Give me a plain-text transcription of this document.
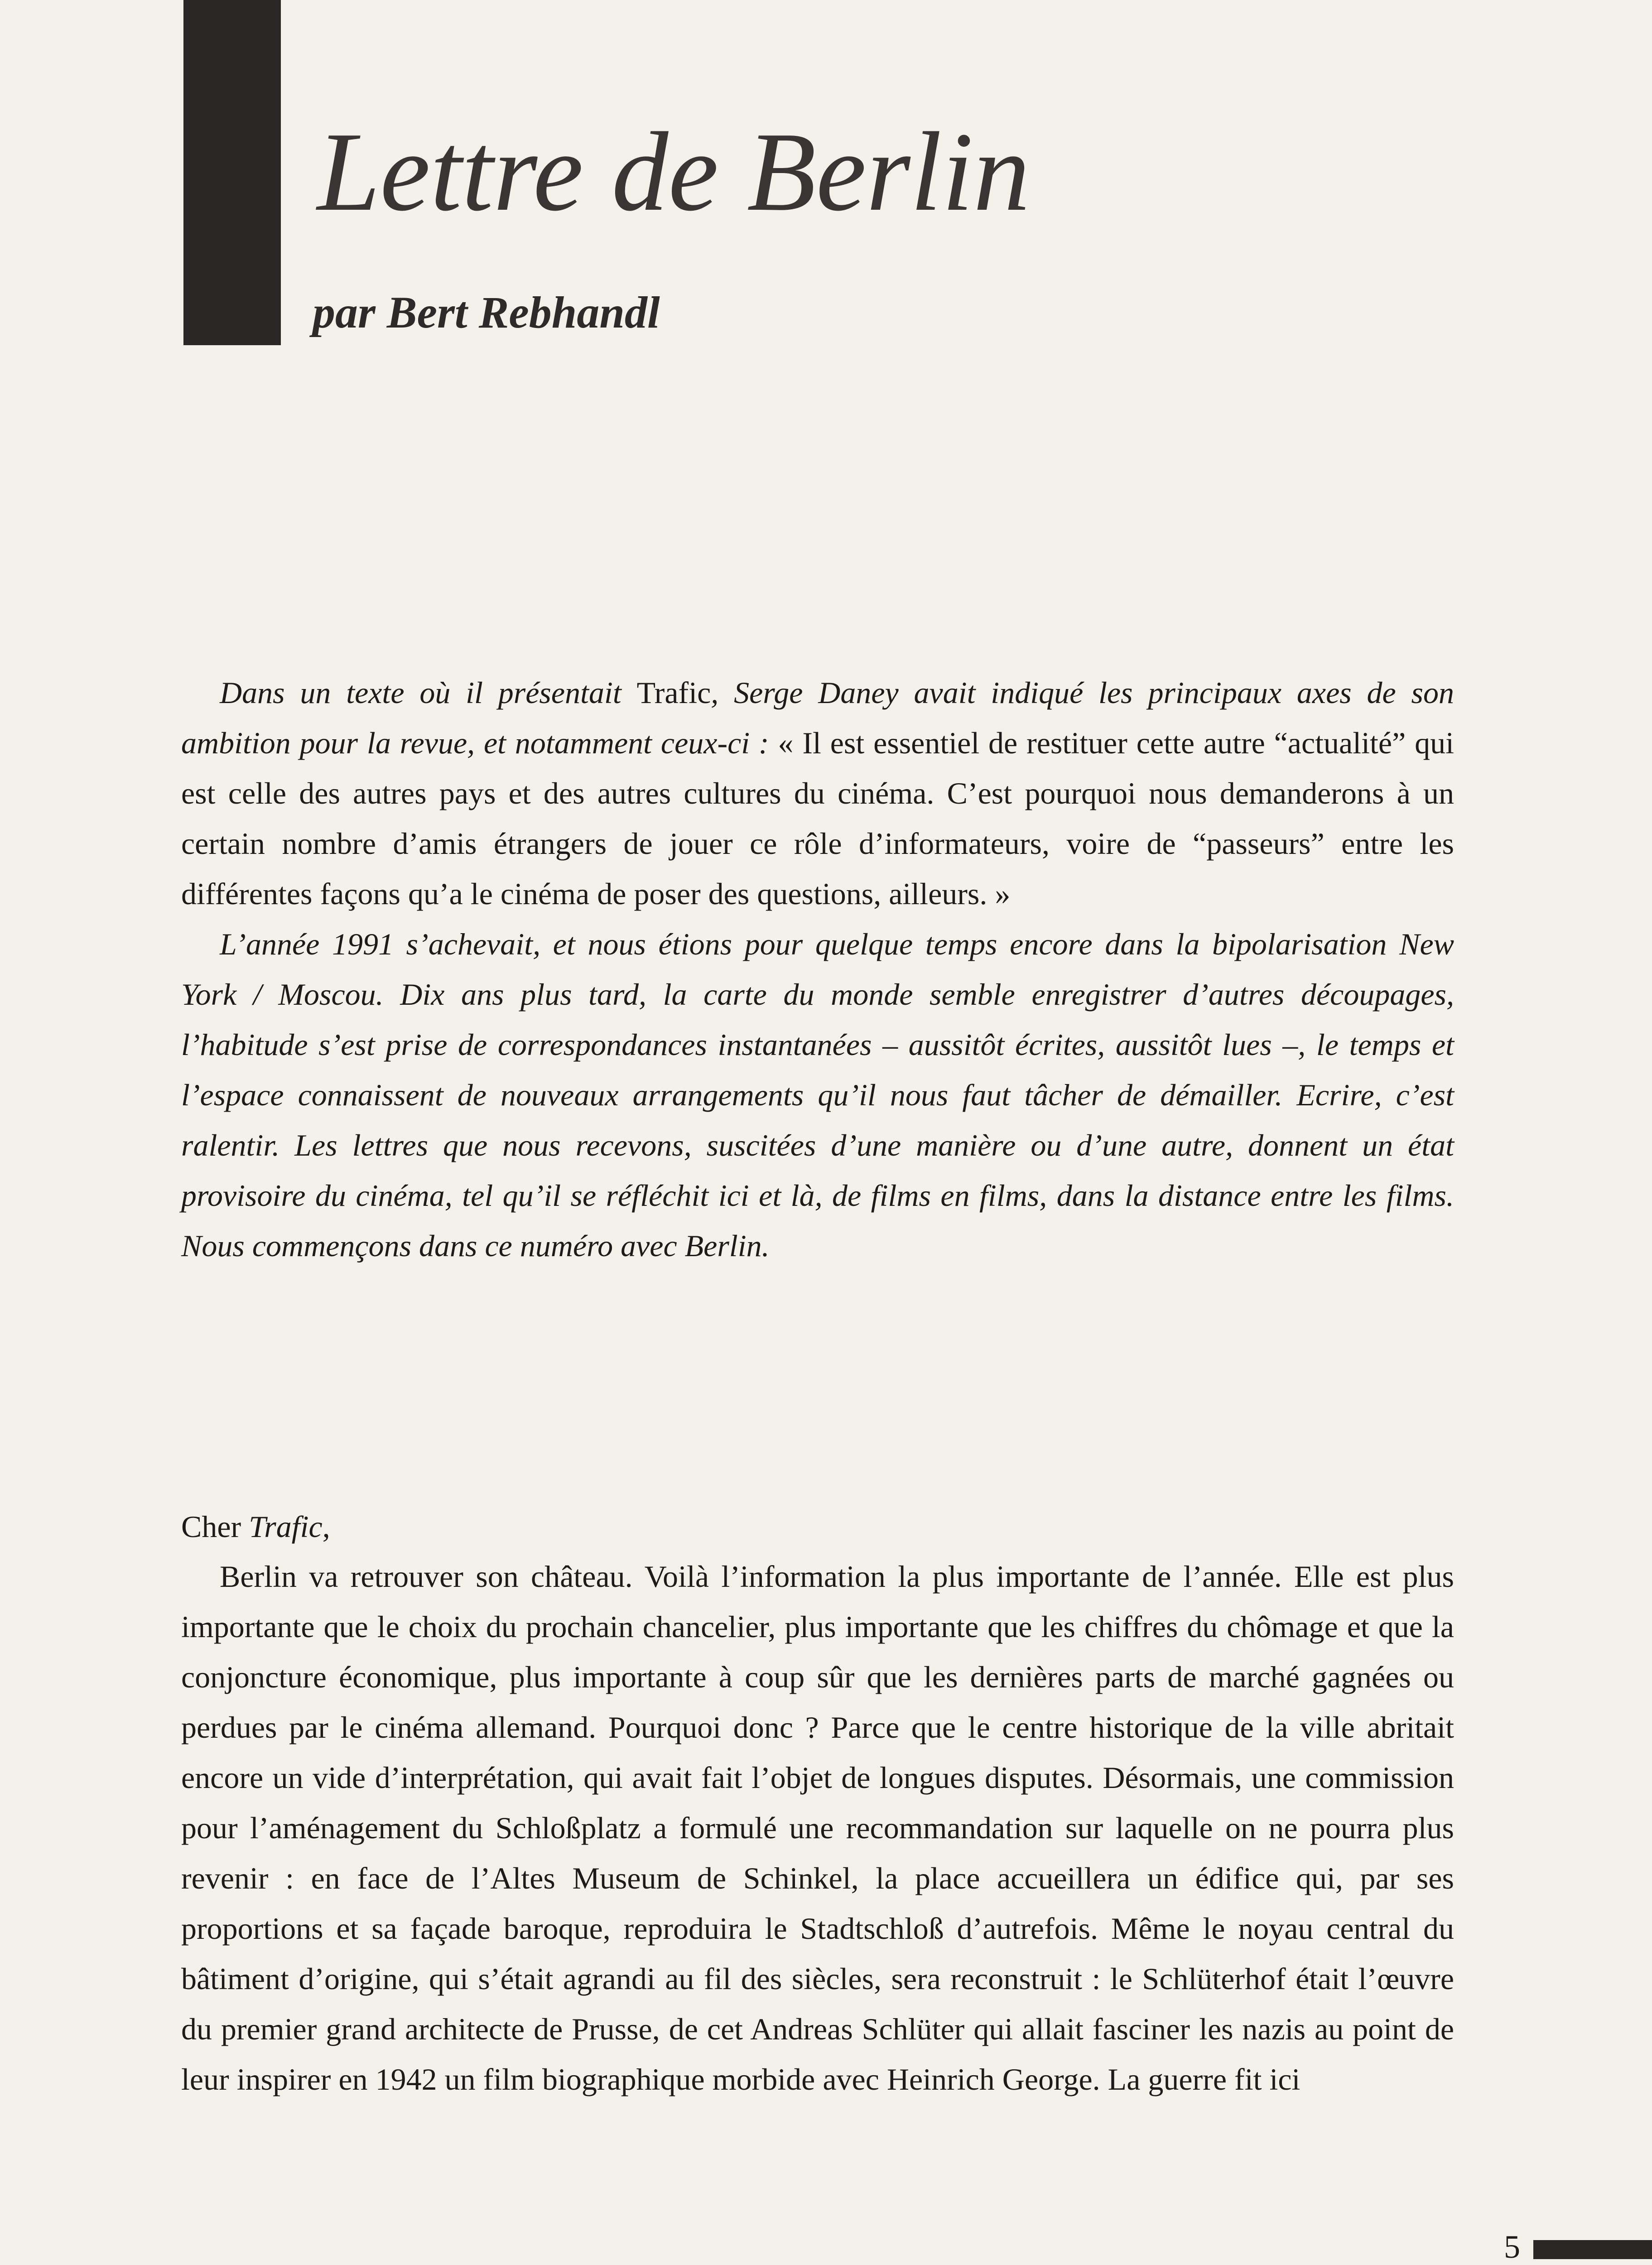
Lettre de Berlin
par Bert Rebhandl

Dans un texte où il présentait Trafic, Serge Daney avait indiqué les principaux axes de son ambition pour la revue, et notamment ceux-ci : « Il est essentiel de restituer cette autre “actualité” qui est celle des autres pays et des autres cultures du cinéma. C’est pourquoi nous demanderons à un certain nombre d’amis étrangers de jouer ce rôle d’informateurs, voire de “passeurs” entre les différentes façons qu’a le cinéma de poser des questions, ailleurs. »

L’année 1991 s’achevait, et nous étions pour quelque temps encore dans la bipolarisation New York / Moscou. Dix ans plus tard, la carte du monde semble enregistrer d’autres découpages, l’habitude s’est prise de correspondances instantanées – aussitôt écrites, aussitôt lues –, le temps et l’espace connaissent de nouveaux arrangements qu’il nous faut tâcher de démailler. Ecrire, c’est ralentir. Les lettres que nous recevons, suscitées d’une manière ou d’une autre, donnent un état provisoire du cinéma, tel qu’il se réfléchit ici et là, de films en films, dans la distance entre les films. Nous commençons dans ce numéro avec Berlin.

Cher Trafic,

Berlin va retrouver son château. Voilà l’information la plus importante de l’année. Elle est plus importante que le choix du prochain chancelier, plus importante que les chiffres du chômage et que la conjoncture économique, plus importante à coup sûr que les dernières parts de marché gagnées ou perdues par le cinéma allemand. Pourquoi donc ? Parce que le centre historique de la ville abritait encore un vide d’interprétation, qui avait fait l’objet de longues disputes. Désormais, une commission pour l’aménagement du Schloßplatz a formulé une recommandation sur laquelle on ne pourra plus revenir : en face de l’Altes Museum de Schinkel, la place accueillera un édifice qui, par ses proportions et sa façade baroque, reproduira le Stadtschloß d’autrefois. Même le noyau central du bâtiment d’origine, qui s’était agrandi au fil des siècles, sera reconstruit : le Schlüterhof était l’œuvre du premier grand architecte de Prusse, de cet Andreas Schlüter qui allait fasciner les nazis au point de leur inspirer en 1942 un film biographique morbide avec Heinrich George. La guerre fit ici

5
